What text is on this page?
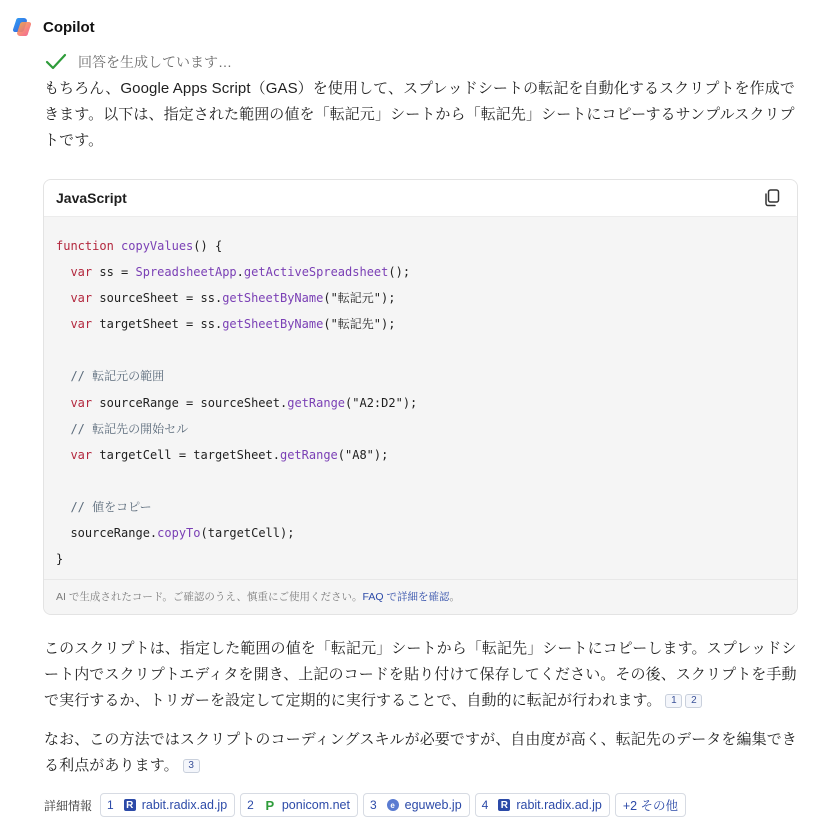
Copilot
回答を生成しています…
もちろん、Google Apps Script（GAS）を使用して、スプレッドシートの転記を自動化するスクリプトを作成できます。以下は、指定された範囲の値を「転記元」シートから「転記先」シートにコピーするサンプルスクリプトです。
JavaScript
function copyValues() {
var ss = SpreadsheetApp.getActiveSpreadsheet();
var sourceSheet = ss.getSheetByName("転記元");
var targetSheet = ss.getSheetByName("転記先");

// 転記元の範囲
var sourceRange = sourceSheet.getRange("A2:D2");
// 転記先の開始セル
var targetCell = targetSheet.getRange("A8");

// 値をコピー
sourceRange.copyTo(targetCell);
}
AI で生成されたコード。ご確認のうえ、慎重にご使用ください。FAQ で詳細を確認。
このスクリプトは、指定した範囲の値を「転記元」シートから「転記先」シートにコピーします。スプレッドシート内でスクリプトエディタを開き、上記のコードを貼り付けて保存してください。その後、スクリプトを手動で実行するか、トリガーを設定して定期的に実行することで、自動的に転記が行われます。 1 2
なお、この方法ではスクリプトのコーディングスキルが必要ですが、自由度が高く、転記先のデータを編集できる利点があります。 3
詳細情報 1	R rabit.radix.ad.jp 2 P ponicom.net 3	e eguweb.jp 4	R rabit.radix.ad.jp	+2 その他
